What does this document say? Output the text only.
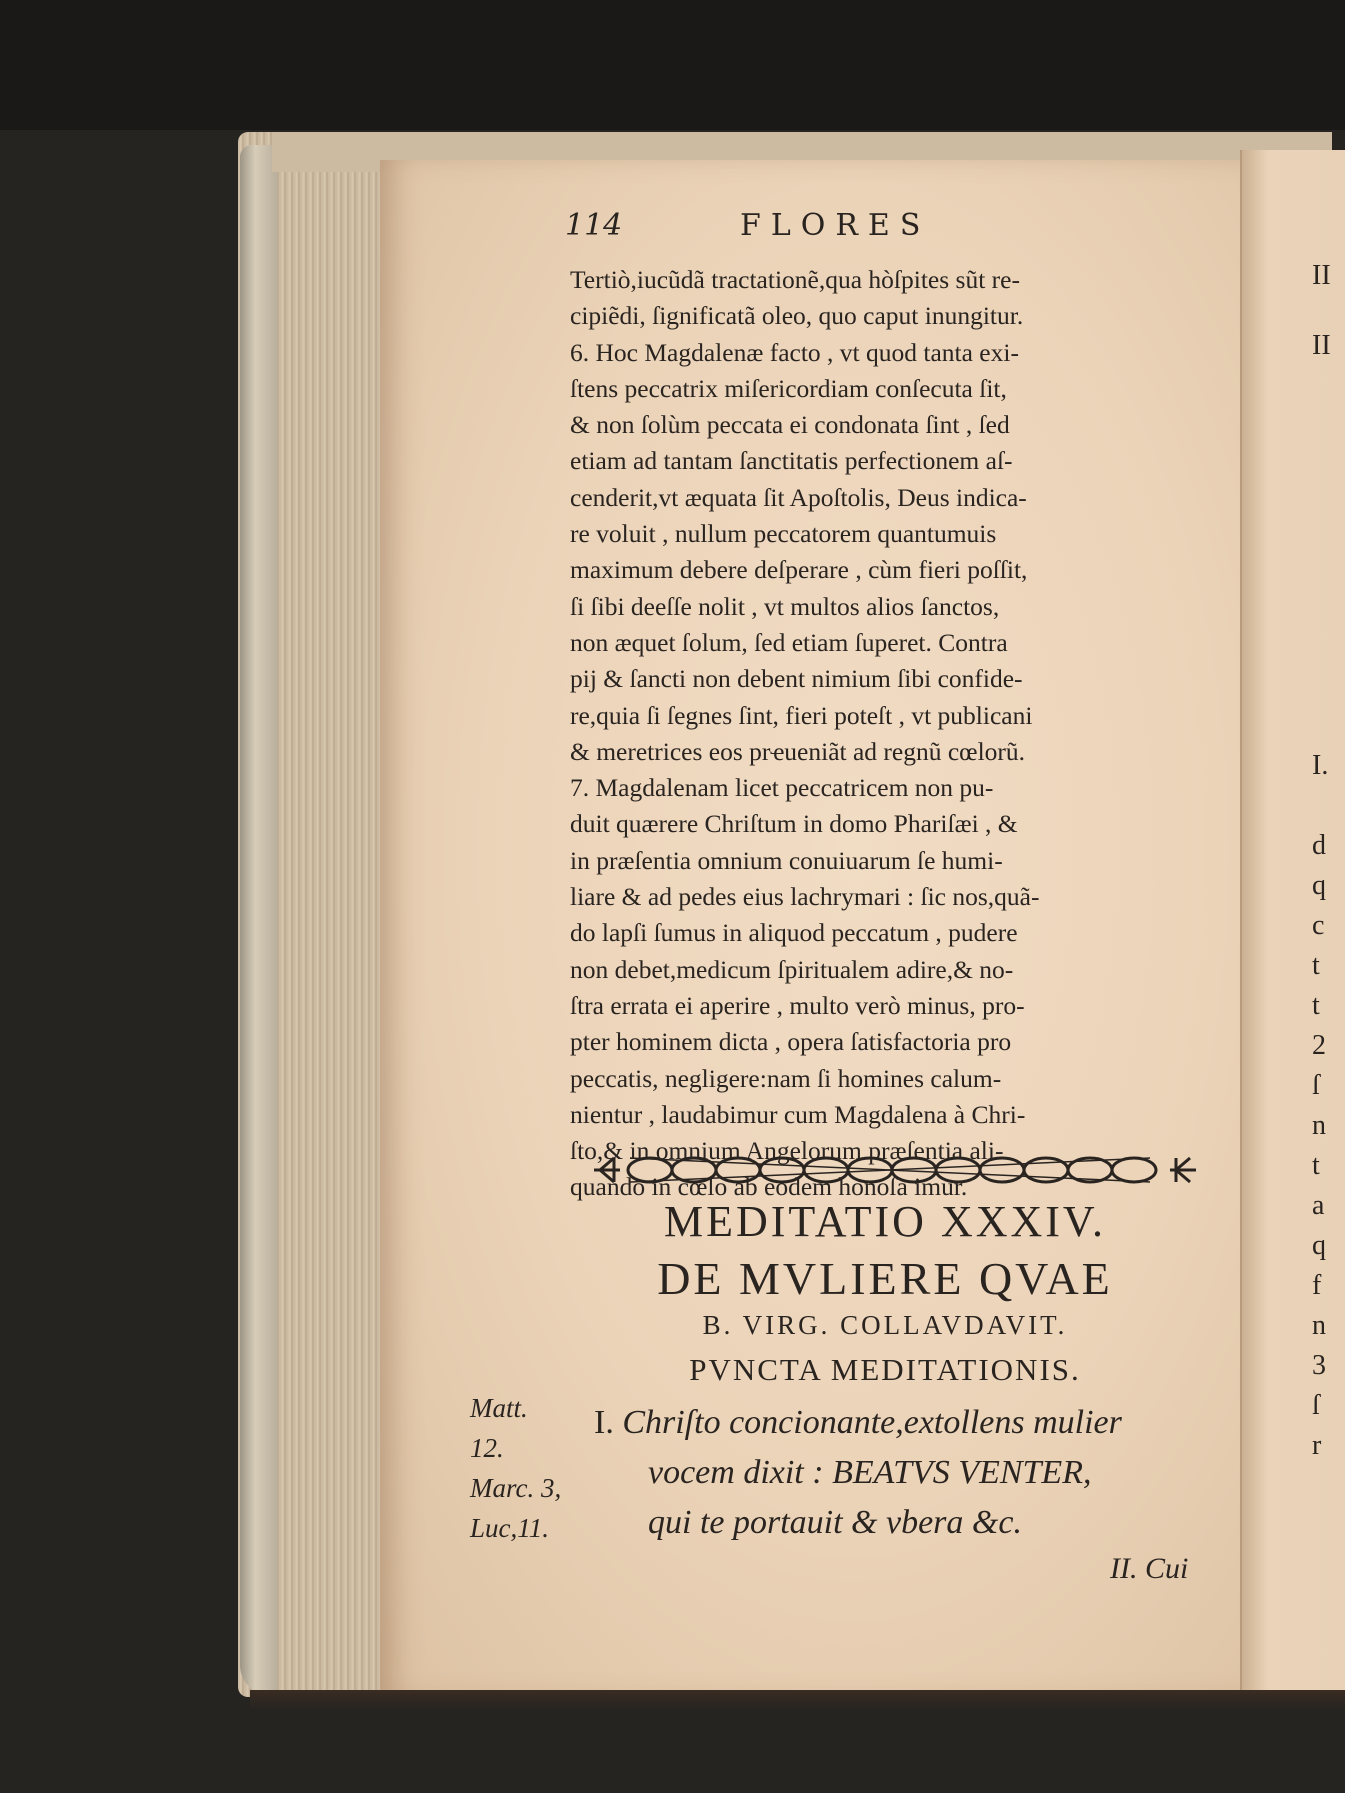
114	FLORES
Tertiò,iucũdã tractationẽ,qua hòſpites sũt re-
cipiẽdi, ſignificatã oleo, quo caput inungitur.
6. Hoc Magdalenæ facto , vt quod tanta exi-
ſtens peccatrix miſericordiam conſecuta ſit,
& non ſolùm peccata ei condonata ſint , ſed
etiam ad tantam ſanctitatis perfectionem aſ-
cenderit,vt æquata ſit Apoſtolis, Deus indica-
re voluit , nullum peccatorem quantumuis
maximum debere deſperare , cùm fieri poſſit,
ſi ſibi deeſſe nolit , vt multos alios ſanctos,
non æquet ſolum, ſed etiam ſuperet. Contra
pij & ſancti non debent nimium ſibi confide-
re,quia ſi ſegnes ſint, fieri poteſt , vt publicani
& meretrices eos prҽueniãt ad regnũ cœlorũ.
7. Magdalenam licet peccatricem non pu-
duit quærere Chriſtum in domo Phariſæi , &
in præſentia omnium conuiuarum ſe humi-
liare & ad pedes eius lachrymari : ſic nos,quã-
do lapſi ſumus in aliquod peccatum , pudere
non debet,medicum ſpiritualem adire,& no-
ſtra errata ei aperire , multo verò minus, pro-
pter hominem dicta , opera ſatisfactoria pro
peccatis, negligere:nam ſi homines calum-
nientur , laudabimur cum Magdalena à Chri-
ſto,& in omnium Angelorum præſentia ali-
quando in cœlo ab eodem honoſa imur.
MEDITATIO XXXIV.
DE MVLIERE QVAE
B. VIRG. COLLAVDAVIT.
PVNCTA MEDITATIONIS.
I. Chriſto concionante,extollens mulier
vocem dixit : BEATVS VENTER,
qui te portauit & vbera &c.
Matt.
12.
Marc. 3,
Luc,11.
II. Cui
II
II
I.
d
q
c
t
t
2
ſ
n
t
a
q
f
n
3
ſ
r
